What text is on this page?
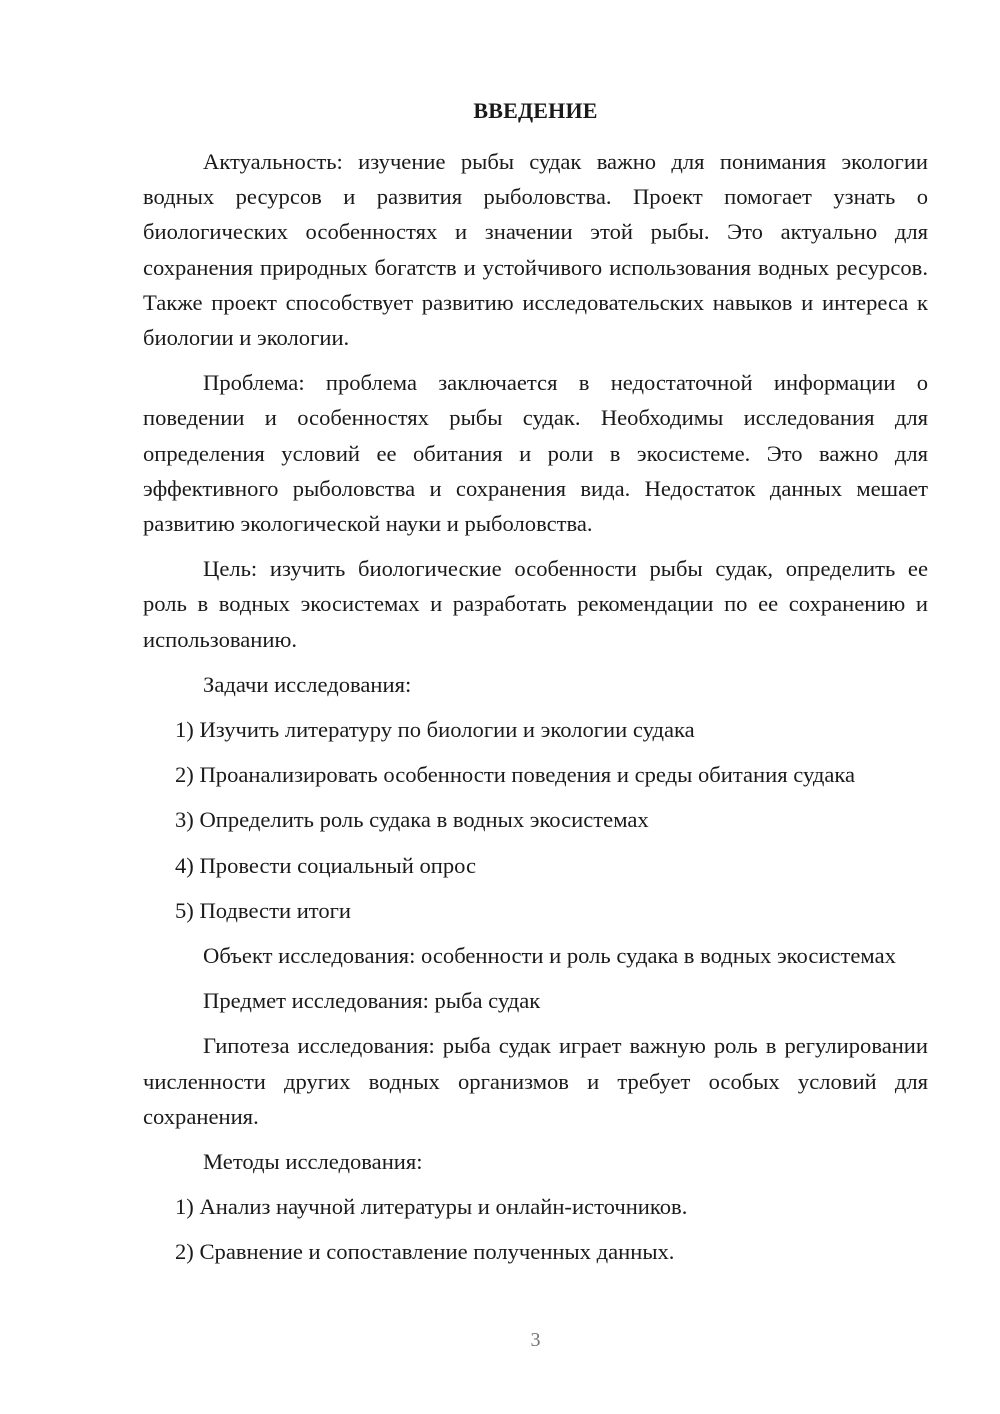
ВВЕДЕНИЕ

Актуальность: изучение рыбы судак важно для понимания экологии водных ресурсов и развития рыболовства. Проект помогает узнать о биологических особенностях и значении этой рыбы. Это актуально для сохранения природных богатств и устойчивого использования водных ресурсов. Также проект способствует развитию исследовательских навыков и интереса к биологии и экологии.

Проблема: проблема заключается в недостаточной информации о поведении и особенностях рыбы судак. Необходимы исследования для определения условий ее обитания и роли в экосистеме. Это важно для эффективного рыболовства и сохранения вида. Недостаток данных мешает развитию экологической науки и рыболовства.

Цель: изучить биологические особенности рыбы судак, определить ее роль в водных экосистемах и разработать рекомендации по ее сохранению и использованию.

Задачи исследования:

1) Изучить литературу по биологии и экологии судака

2) Проанализировать особенности поведения и среды обитания судака

3) Определить роль судака в водных экосистемах

4) Провести социальный опрос

5) Подвести итоги

Объект исследования: особенности и роль судака в водных экосистемах

Предмет исследования: рыба судак

Гипотеза исследования: рыба судак играет важную роль в регулировании численности других водных организмов и требует особых условий для сохранения.

Методы исследования:

1) Анализ научной литературы и онлайн-источников.

2) Сравнение и сопоставление полученных данных.

3
